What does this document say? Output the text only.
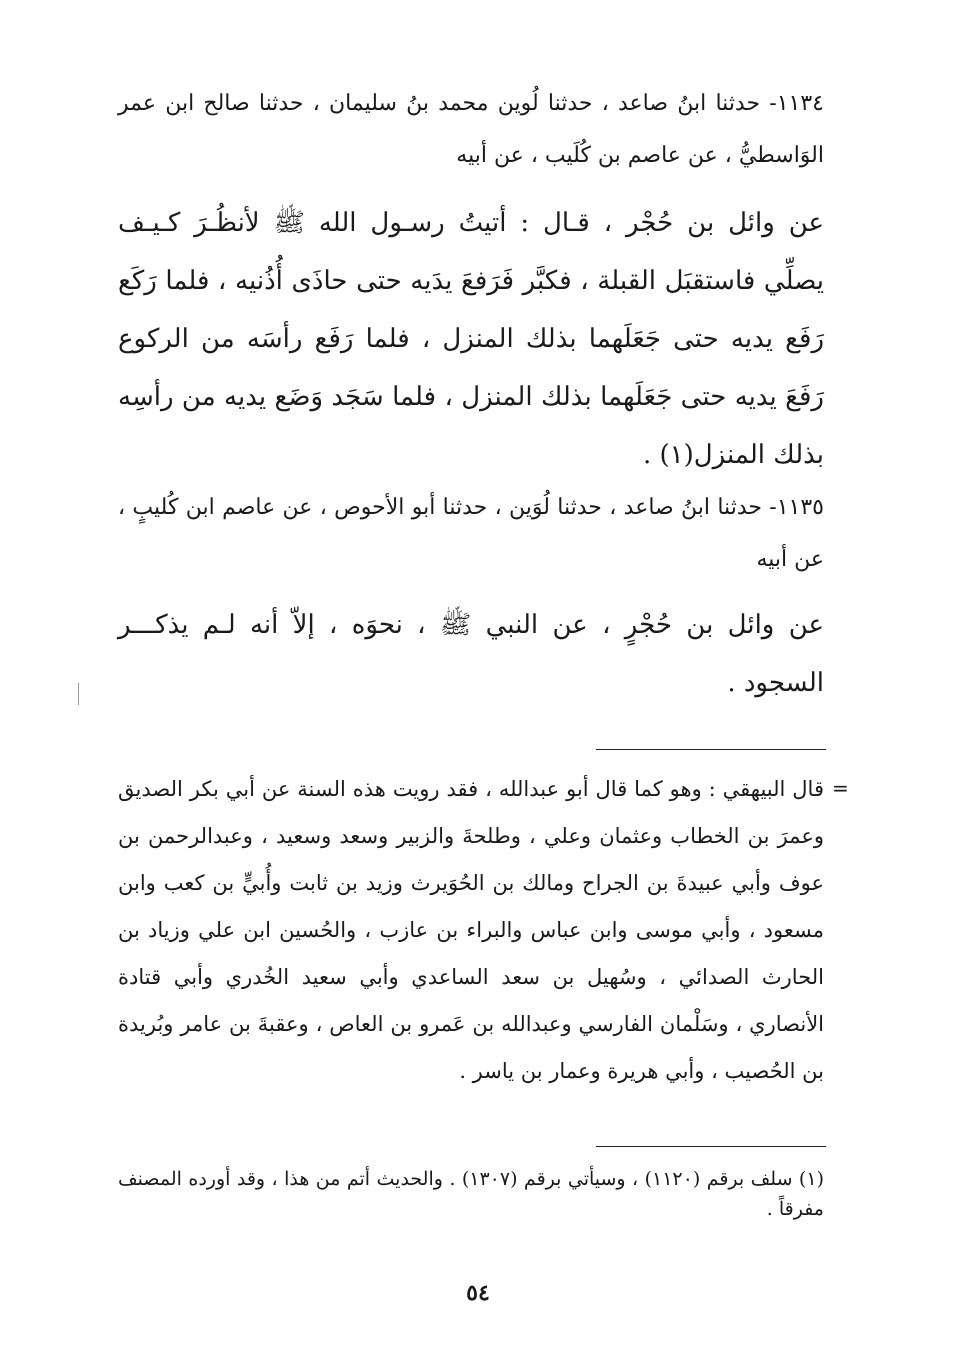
١١٣٤- حدثنا ابنُ صاعد ، حدثنا لُوين محمد بنُ سليمان ، حدثنا صالح ابن عمر الوَاسطيُّ ، عن عاصم بن كُلَيب ، عن أبيه

عن وائل بن حُجْر ، قـال : أتيتُ رسـول الله ﷺ لأنظُـرَ كـيـف يصلِّي فاستقبَل القبلة ، فكبَّر فَرَفعَ يدَيه حتى حاذَى أُذُنيه ، فلما رَكَع رَفَع يديه حتى جَعَلَهما بذلك المنزل ، فلما رَفَع رأسَه من الركوع رَفَعَ يديه حتى جَعَلَهما بذلك المنزل ، فلما سَجَد وَضَع يديه من رأسِه بذلك المنزل(١) .

١١٣٥- حدثنا ابنُ صاعد ، حدثنا لُوَين ، حدثنا أبو الأحوص ، عن عاصم ابن كُليبٍ ، عن أبيه

عن وائل بن حُجْرٍ ، عن النبي ﷺ ، نحوَه ، إلاّ أنه لـم يذكـــر السجود .

=

قال البيهقي : وهو كما قال أبو عبدالله ، فقد رويت هذه السنة عن أبي بكر الصديق وعمرَ بن الخطاب وعثمان وعلي ، وطلحةَ والزبير وسعد وسعيد ، وعبدالرحمن بن عوف وأبي عبيدةَ بن الجراح ومالك بن الحُوَيرث وزيد بن ثابت وأُبيٍّ بن كعب وابن مسعود ، وأبي موسى وابن عباس والبراء بن عازب ، والحُسين ابن علي وزياد بن الحارث الصدائي ، وسُهيل بن سعد الساعدي وأبي سعيد الخُدري وأبي قتادة الأنصاري ، وسَلْمان الفارسي وعبدالله بن عَمرو بن العاص ، وعقبةَ بن عامر وبُريدة بن الحُصيب ، وأبي هريرة وعمار بن ياسر .

(١) سلف برقم (١١٢٠) ، وسيأتي برقم (١٣٠٧) . والحديث أتم من هذا ، وقد أورده المصنف مفرقاً .

٥٤
